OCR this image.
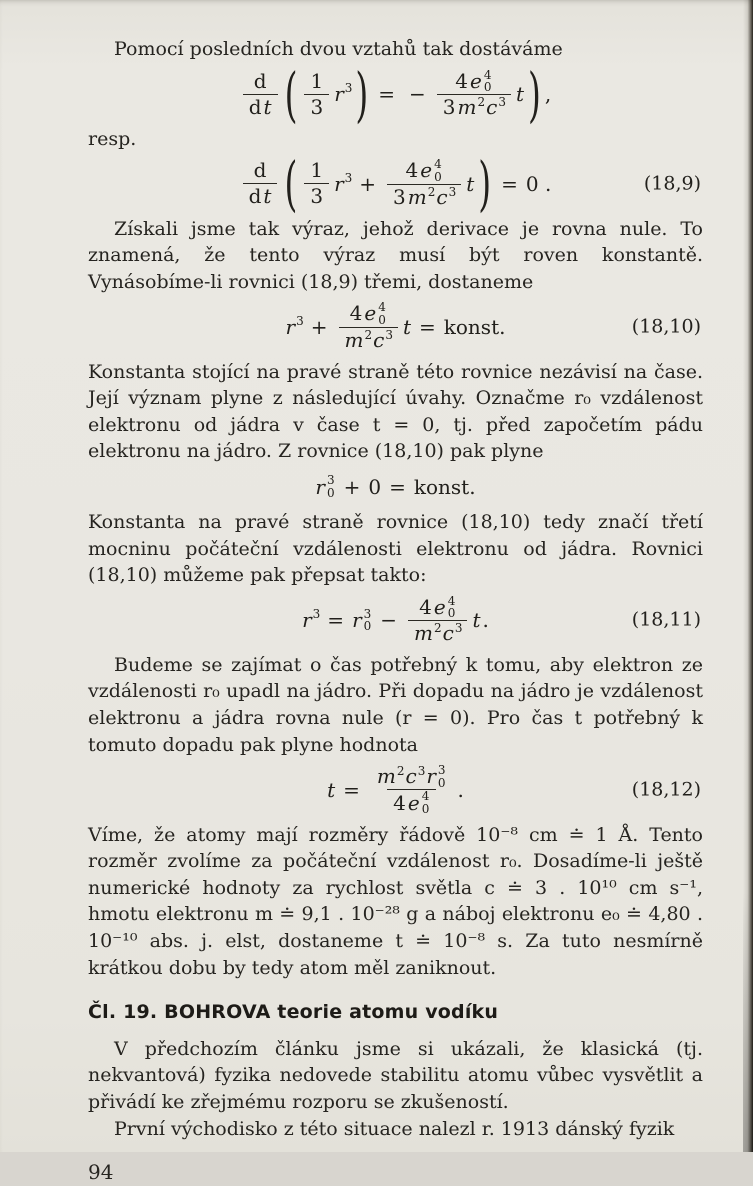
Pomocí posledních dvou vztahů tak dostáváme

$\frac{d}{\text{d t}}$ ( $\frac{1}{3}$ r 3 ) = − 4 e 4
0
3 m 2 c 3 t ) ,

resp.

$\frac{d}{\text{d t}}$ ( $\frac{1}{3}$ r 3 + 4 e 4
0
3 m 2 c 3 t ) = 0 .	(18,9)

Získali jsme tak výraz, jehož derivace je rovna nule. To znamená, že tento výraz musí být roven konstantě. Vynásobíme-li rovnici (18,9) třemi, dostaneme

r 3 + 4 e 4
0
m 2 c 3 t = konst.	(18,10)

Konstanta stojící na pravé straně této rovnice nezávisí na čase. Její význam plyne z následující úvahy. Označme r₀ vzdálenost elektronu od jádra v čase t = 0, tj. před započetím pádu elektronu na jádro. Z rovnice (18,10) pak plyne

r 3
0 + 0 = konst.

Konstanta na pravé straně rovnice (18,10) tedy značí třetí mocninu počáteční vzdálenosti elektronu od jádra. Rovnici (18,10) můžeme pak přepsat takto:

r 3 = r 3
0 − 4 e 4
0
m 2 c 3 t .	(18,11)

Budeme se zajímat o čas potřebný k tomu, aby elektron ze vzdálenosti r₀ upadl na jádro. Při dopadu na jádro je vzdálenost elektronu a jádra rovna nule (r = 0). Pro čas t potřebný k tomuto dopadu pak plyne hodnota

t = m 2 c 3 r 3
0
4 e 4
0 .	(18,12)

Víme, že atomy mají rozměry řádově 10⁻⁸ cm ≐ 1 Å. Tento rozměr zvolíme za počáteční vzdálenost r₀. Dosadíme-li ještě numerické hodnoty za rychlost světla c ≐ 3 . 10¹⁰ cm s⁻¹, hmotu elektronu m ≐ 9,1 . 10⁻²⁸ g a náboj elektronu e₀ ≐ 4,80 . 10⁻¹⁰ abs. j. elst, dostaneme t ≐ 10⁻⁸ s. Za tuto nesmírně krátkou dobu by tedy atom měl zaniknout.

Čl. 19. BOHROVA teorie atomu vodíku

V předchozím článku jsme si ukázali, že klasická (tj. nekvantová) fyzika nedovede stabilitu atomu vůbec vysvětlit a přivádí ke zřejmému rozporu se zkušeností.

První východisko z této situace nalezl r. 1913 dánský fyzik

94
